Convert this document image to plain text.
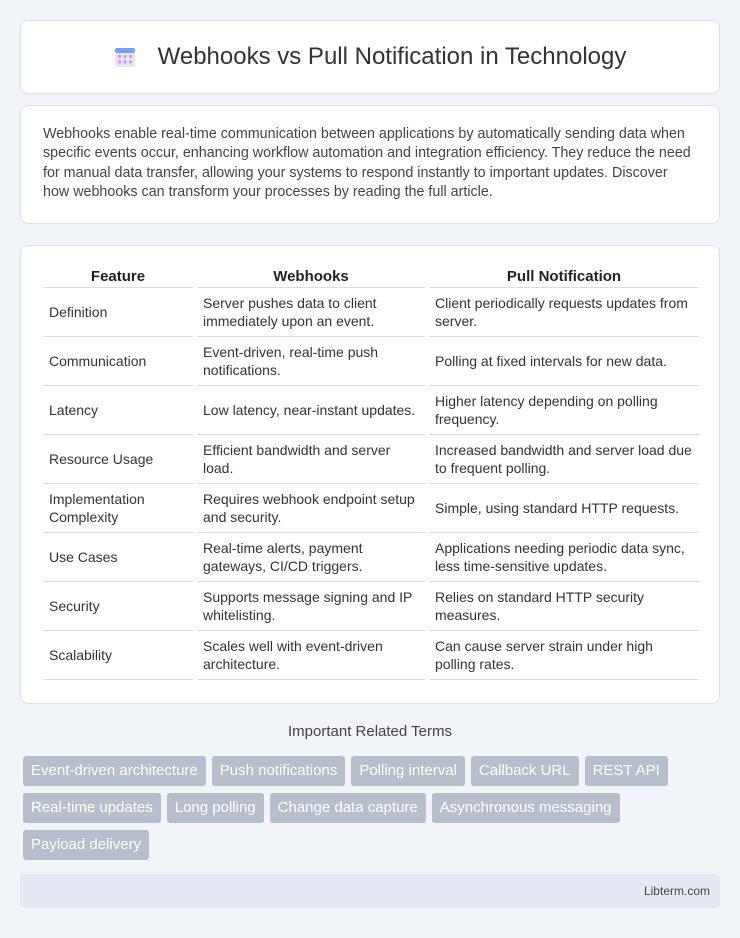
Webhooks vs Pull Notification in Technology

Webhooks enable real-time communication between applications by automatically sending data when specific events occur, enhancing workflow automation and integration efficiency. They reduce the need for manual data transfer, allowing your systems to respond instantly to important updates. Discover how webhooks can transform your processes by reading the full article.

Feature		Webhooks		Pull Notification
Definition		Server pushes data to client immediately upon an event.		Client periodically requests updates from server.
Communication		Event-driven, real-time push notifications.		Polling at fixed intervals for new data.
Latency		Low latency, near-instant updates.		Higher latency depending on polling frequency.
Resource Usage		Efficient bandwidth and server load.		Increased bandwidth and server load due to frequent polling.
Implementation Complexity		Requires webhook endpoint setup and security.		Simple, using standard HTTP requests.
Use Cases		Real-time alerts, payment gateways, CI/CD triggers.		Applications needing periodic data sync, less time-sensitive updates.
Security		Supports message signing and IP whitelisting.		Relies on standard HTTP security measures.
Scalability		Scales well with event-driven architecture.		Can cause server strain under high polling rates.
Important Related Terms
Event-driven architecture	Push notifications	Polling interval	Callback URL	REST API
Real-time updates	Long polling	Change data capture	Asynchronous messaging
Payload delivery
Libterm.com
